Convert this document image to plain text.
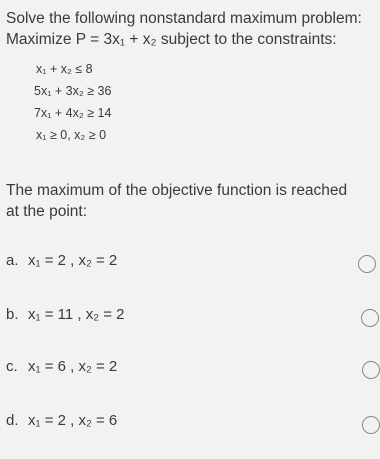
Solve the following nonstandard maximum problem:
Maximize P = 3x₁ + x₂ subject to the constraints:
x₁ + x₂ ≤ 8
5x₁ + 3x₂ ≥ 36
7x₁ + 4x₂ ≥ 14
x₁ ≥ 0, x₂ ≥ 0
The maximum of the objective function is reached
at the point:
a. x₁ = 2 , x₂ = 2
b. x₁ = 11 , x₂ = 2
c. x₁ = 6 , x₂ = 2
d. x₁ = 2 , x₂ = 6
